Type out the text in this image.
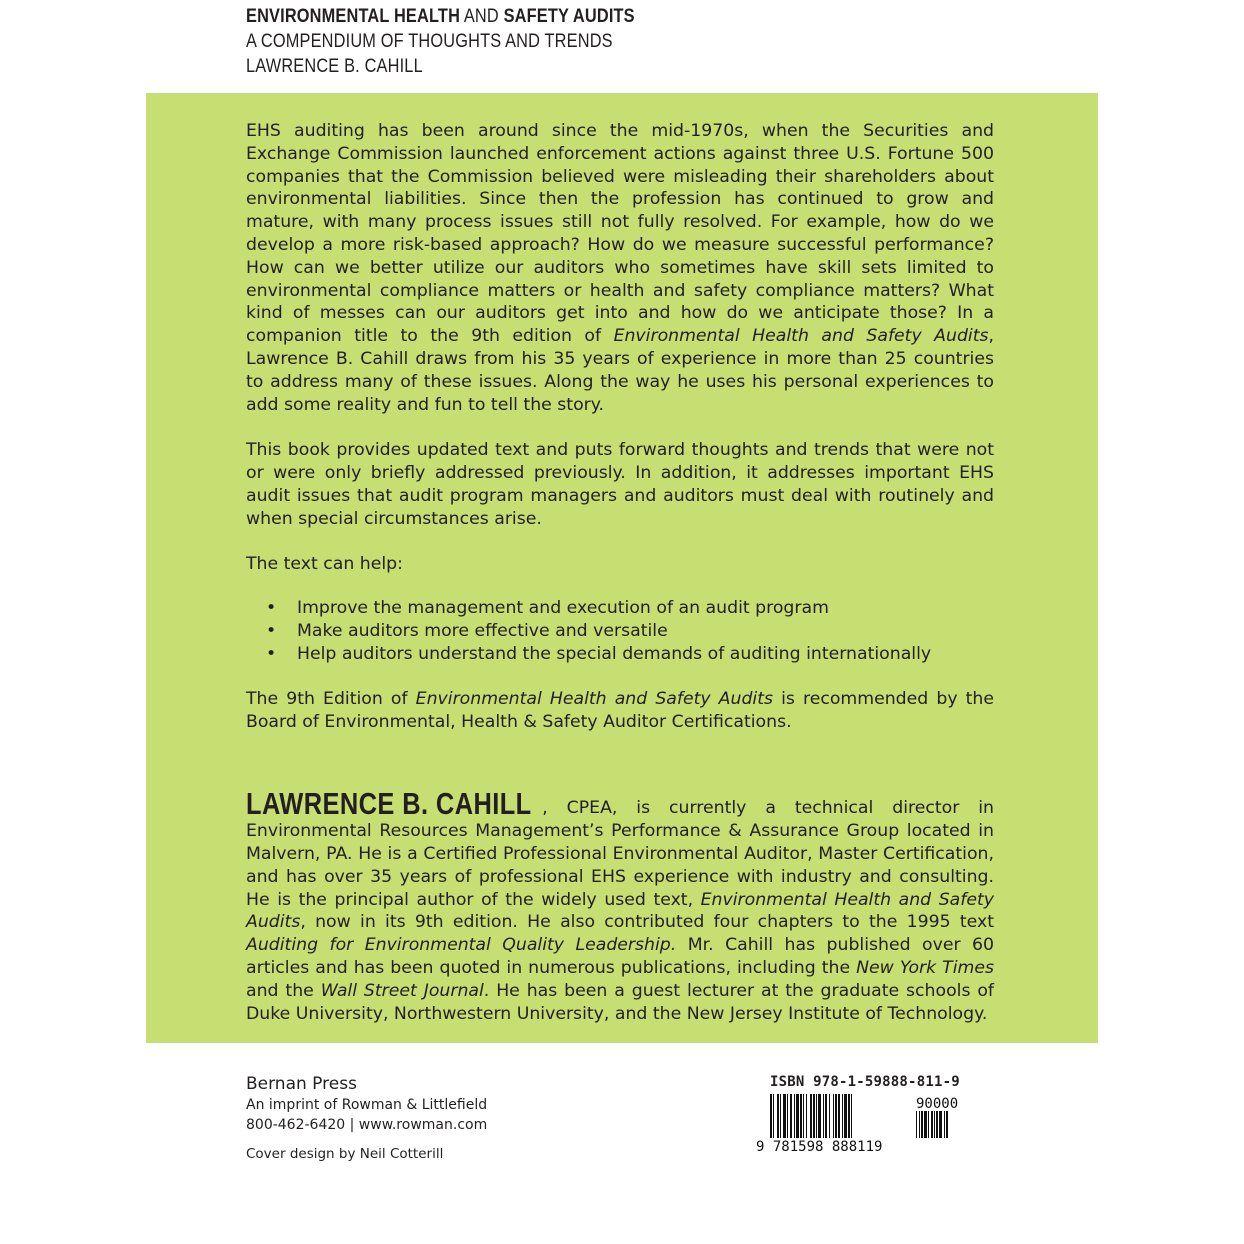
ENVIRONMENTAL HEALTH AND SAFETY AUDITS
A COMPENDIUM OF THOUGHTS AND TRENDS
LAWRENCE B. CAHILL

EHS auditing has been around since the mid-1970s, when the Securities and Exchange Commission launched enforcement actions against three U.S. Fortune 500 companies that the Commission believed were misleading their shareholders about environmental liabilities. Since then the profession has continued to grow and mature, with many process issues still not fully resolved. For example, how do we develop a more risk-based approach? How do we measure successful performance? How can we better utilize our auditors who sometimes have skill sets limited to environmental compliance matters or health and safety compliance matters? What kind of messes can our auditors get into and how do we anticipate those? In a companion title to the 9th edition of Environmental Health and Safety Audits, Lawrence B. Cahill draws from his 35 years of experience in more than 25 countries to address many of these issues. Along the way he uses his personal experiences to add some reality and fun to tell the story.

This book provides updated text and puts forward thoughts and trends that were not or were only briefly addressed previously. In addition, it addresses important EHS audit issues that audit program managers and auditors must deal with routinely and when special circumstances arise.

The text can help:

• Improve the management and execution of an audit program
• Make auditors more effective and versatile
• Help auditors understand the special demands of auditing internationally

The 9th Edition of Environmental Health and Safety Audits is recommended by the Board of Environmental, Health & Safety Auditor Certifications.

LAWRENCE B. CAHILL , CPEA, is currently a technical director in Environmental Resources Management’s Performance & Assurance Group located in Malvern, PA. He is a Certified Professional Environmental Auditor, Master Certification, and has over 35 years of professional EHS experience with industry and consulting. He is the principal author of the widely used text, Environmental Health and Safety Audits, now in its 9th edition. He also contributed four chapters to the 1995 text Auditing for Environmental Quality Leadership. Mr. Cahill has published over 60 articles and has been quoted in numerous publications, including the New York Times and the Wall Street Journal. He has been a guest lecturer at the graduate schools of Duke University, Northwestern University, and the New Jersey Institute of Technology.

Bernan Press
An imprint of Rowman & Littlefield
800-462-6420 | www.rowman.com
Cover design by Neil Cotterill
ISBN 978-1-59888-811-9
9 781598 888119
90000
